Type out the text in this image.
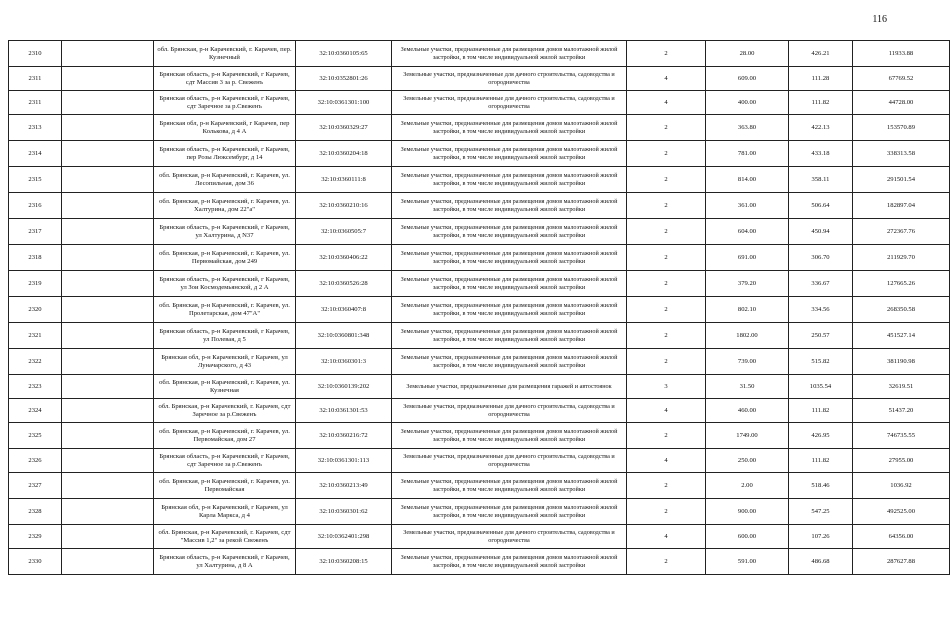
116
2310		обл. Брянская, р-н Карачевский, г. Карачев, пер. Кузнечный	32:10:0360105:65	Земельные участки, предназначенные для размещения домов малоэтажной жилой застройки, в том числе индивидуальной жилой застройки	2	28.00	426.21	11933.88
2311		Брянская область, р-н Карачевский, г Карачев, сдт Массив 3 за р. Свеженъ	32:10:0352801:26	Земельные участки, предназначенные для дачного строительства, садоводства и огородничества	4	609.00	111.28	67769.52
2311		Брянская область, р-н Карачевский, г Карачев, сдт Заречное за р.Свеженъ	32:10:0361301:100	Земельные участки, предназначенные для дачного строительства, садоводства и огородничества	4	400.00	111.82	44728.00
2313		Брянская обл, р-н Карачевский, г Карачев, пер Колькова, д 4 А	32:10:0360329:27	Земельные участки, предназначенные для размещения домов малоэтажной жилой застройки, в том числе индивидуальной жилой застройки	2	363.80	422.13	153570.89
2314		Брянская область, р-н Карачевский, г Карачев, пер Розы Люксембург, д 14	32:10:0360204:18	Земельные участки, предназначенные для размещения домов малоэтажной жилой застройки, в том числе индивидуальной жилой застройки	2	781.00	433.18	338313.58
2315		обл. Брянская, р-н Карачевский, г. Карачев, ул. Лесопильная, дом 36	32:10:0360111:8	Земельные участки, предназначенные для размещения домов малоэтажной жилой застройки, в том числе индивидуальной жилой застройки	2	814.00	358.11	291501.54
2316		обл. Брянская, р-н Карачевский, г. Карачев, ул. Халтурина, дом 22"а"	32:10:0360210:16	Земельные участки, предназначенные для размещения домов малоэтажной жилой застройки, в том числе индивидуальной жилой застройки	2	361.00	506.64	182897.04
2317		Брянская область, р-н Карачевский, г Карачев, ул Халтурина, д N37	32:10:0360505:7	Земельные участки, предназначенные для размещения домов малоэтажной жилой застройки, в том числе индивидуальной жилой застройки	2	604.00	450.94	272367.76
2318		обл. Брянская, р-н Карачевский, г. Карачев, ул. Первомайская, дом 249	32:10:0360406:22	Земельные участки, предназначенные для размещения домов малоэтажной жилой застройки, в том числе индивидуальной жилой застройки	2	691.00	306.70	211929.70
2319		Брянская область, р-н Карачевский, г Карачев, ул Зои Космодемьянской, д 2 А	32:10:0360526:28	Земельные участки, предназначенные для размещения домов малоэтажной жилой застройки, в том числе индивидуальной жилой застройки	2	379.20	336.67	127665.26
2320		обл. Брянская, р-н Карачевский, г. Карачев, ул. Пролетарская, дом 47"А"	32:10:0360407:8	Земельные участки, предназначенные для размещения домов малоэтажной жилой застройки, в том числе индивидуальной жилой застройки	2	802.10	334.56	268350.58
2321		Брянская область, р-н Карачевский, г Карачев, ул Полевая, д 5	32:10:0360801:348	Земельные участки, предназначенные для размещения домов малоэтажной жилой застройки, в том числе индивидуальной жилой застройки	2	1802.00	250.57	451527.14
2322		Брянская обл, р-н Карачевский, г Карачев, ул Луначарского, д 43	32:10:0360301:3	Земельные участки, предназначенные для размещения домов малоэтажной жилой застройки, в том числе индивидуальной жилой застройки	2	739.00	515.82	381190.98
2323		обл. Брянская, р-н Карачевский, г. Карачев, ул. Кузнечная	32:10:0360139:202	Земельные участки, предназначенные для размещения гаражей и автостоянок	3	31.50	1035.54	32619.51
2324		обл. Брянская, р-н Карачевский, г. Карачев, сдт Заречное за р.Свеженъ	32:10:0361301:53	Земельные участки, предназначенные для дачного строительства, садоводства и огородничества	4	460.00	111.82	51437.20
2325		обл. Брянская, р-н Карачевский, г. Карачев, ул. Первомайская, дом 27	32:10:0360216:72	Земельные участки, предназначенные для размещения домов малоэтажной жилой застройки, в том числе индивидуальной жилой застройки	2	1749.00	426.95	746735.55
2326		Брянская область, р-н Карачевский, г Карачев, сдт Заречное за р.Свеженъ	32:10:0361301:113	Земельные участки, предназначенные для дачного строительства, садоводства и огородничества	4	250.00	111.82	27955.00
2327		обл. Брянская, р-н Карачевский, г. Карачев, ул. Первомайская	32:10:0360213:49	Земельные участки, предназначенные для размещения домов малоэтажной жилой застройки, в том числе индивидуальной жилой застройки	2	2.00	518.46	1036.92
2328		Брянская обл, р-н Карачевский, г Карачев, ул Карла Маркса, д 4	32:10:0360301:62	Земельные участки, предназначенные для размещения домов малоэтажной жилой застройки, в том числе индивидуальной жилой застройки	2	900.00	547.25	492525.00
2329		обл. Брянская, р-н Карачевский, г. Карачев, сдт "Массив 1,2" за рекой Свеженъ	32:10:0362401:298	Земельные участки, предназначенные для дачного строительства, садоводства и огородничества	4	600.00	107.26	64356.00
2330		Брянская область, р-н Карачевский, г Карачев, ул Халтурина, д 8 А	32:10:0360208:15	Земельные участки, предназначенные для размещения домов малоэтажной жилой застройки, в том числе индивидуальной жилой застройки	2	591.00	486.68	287627.88
